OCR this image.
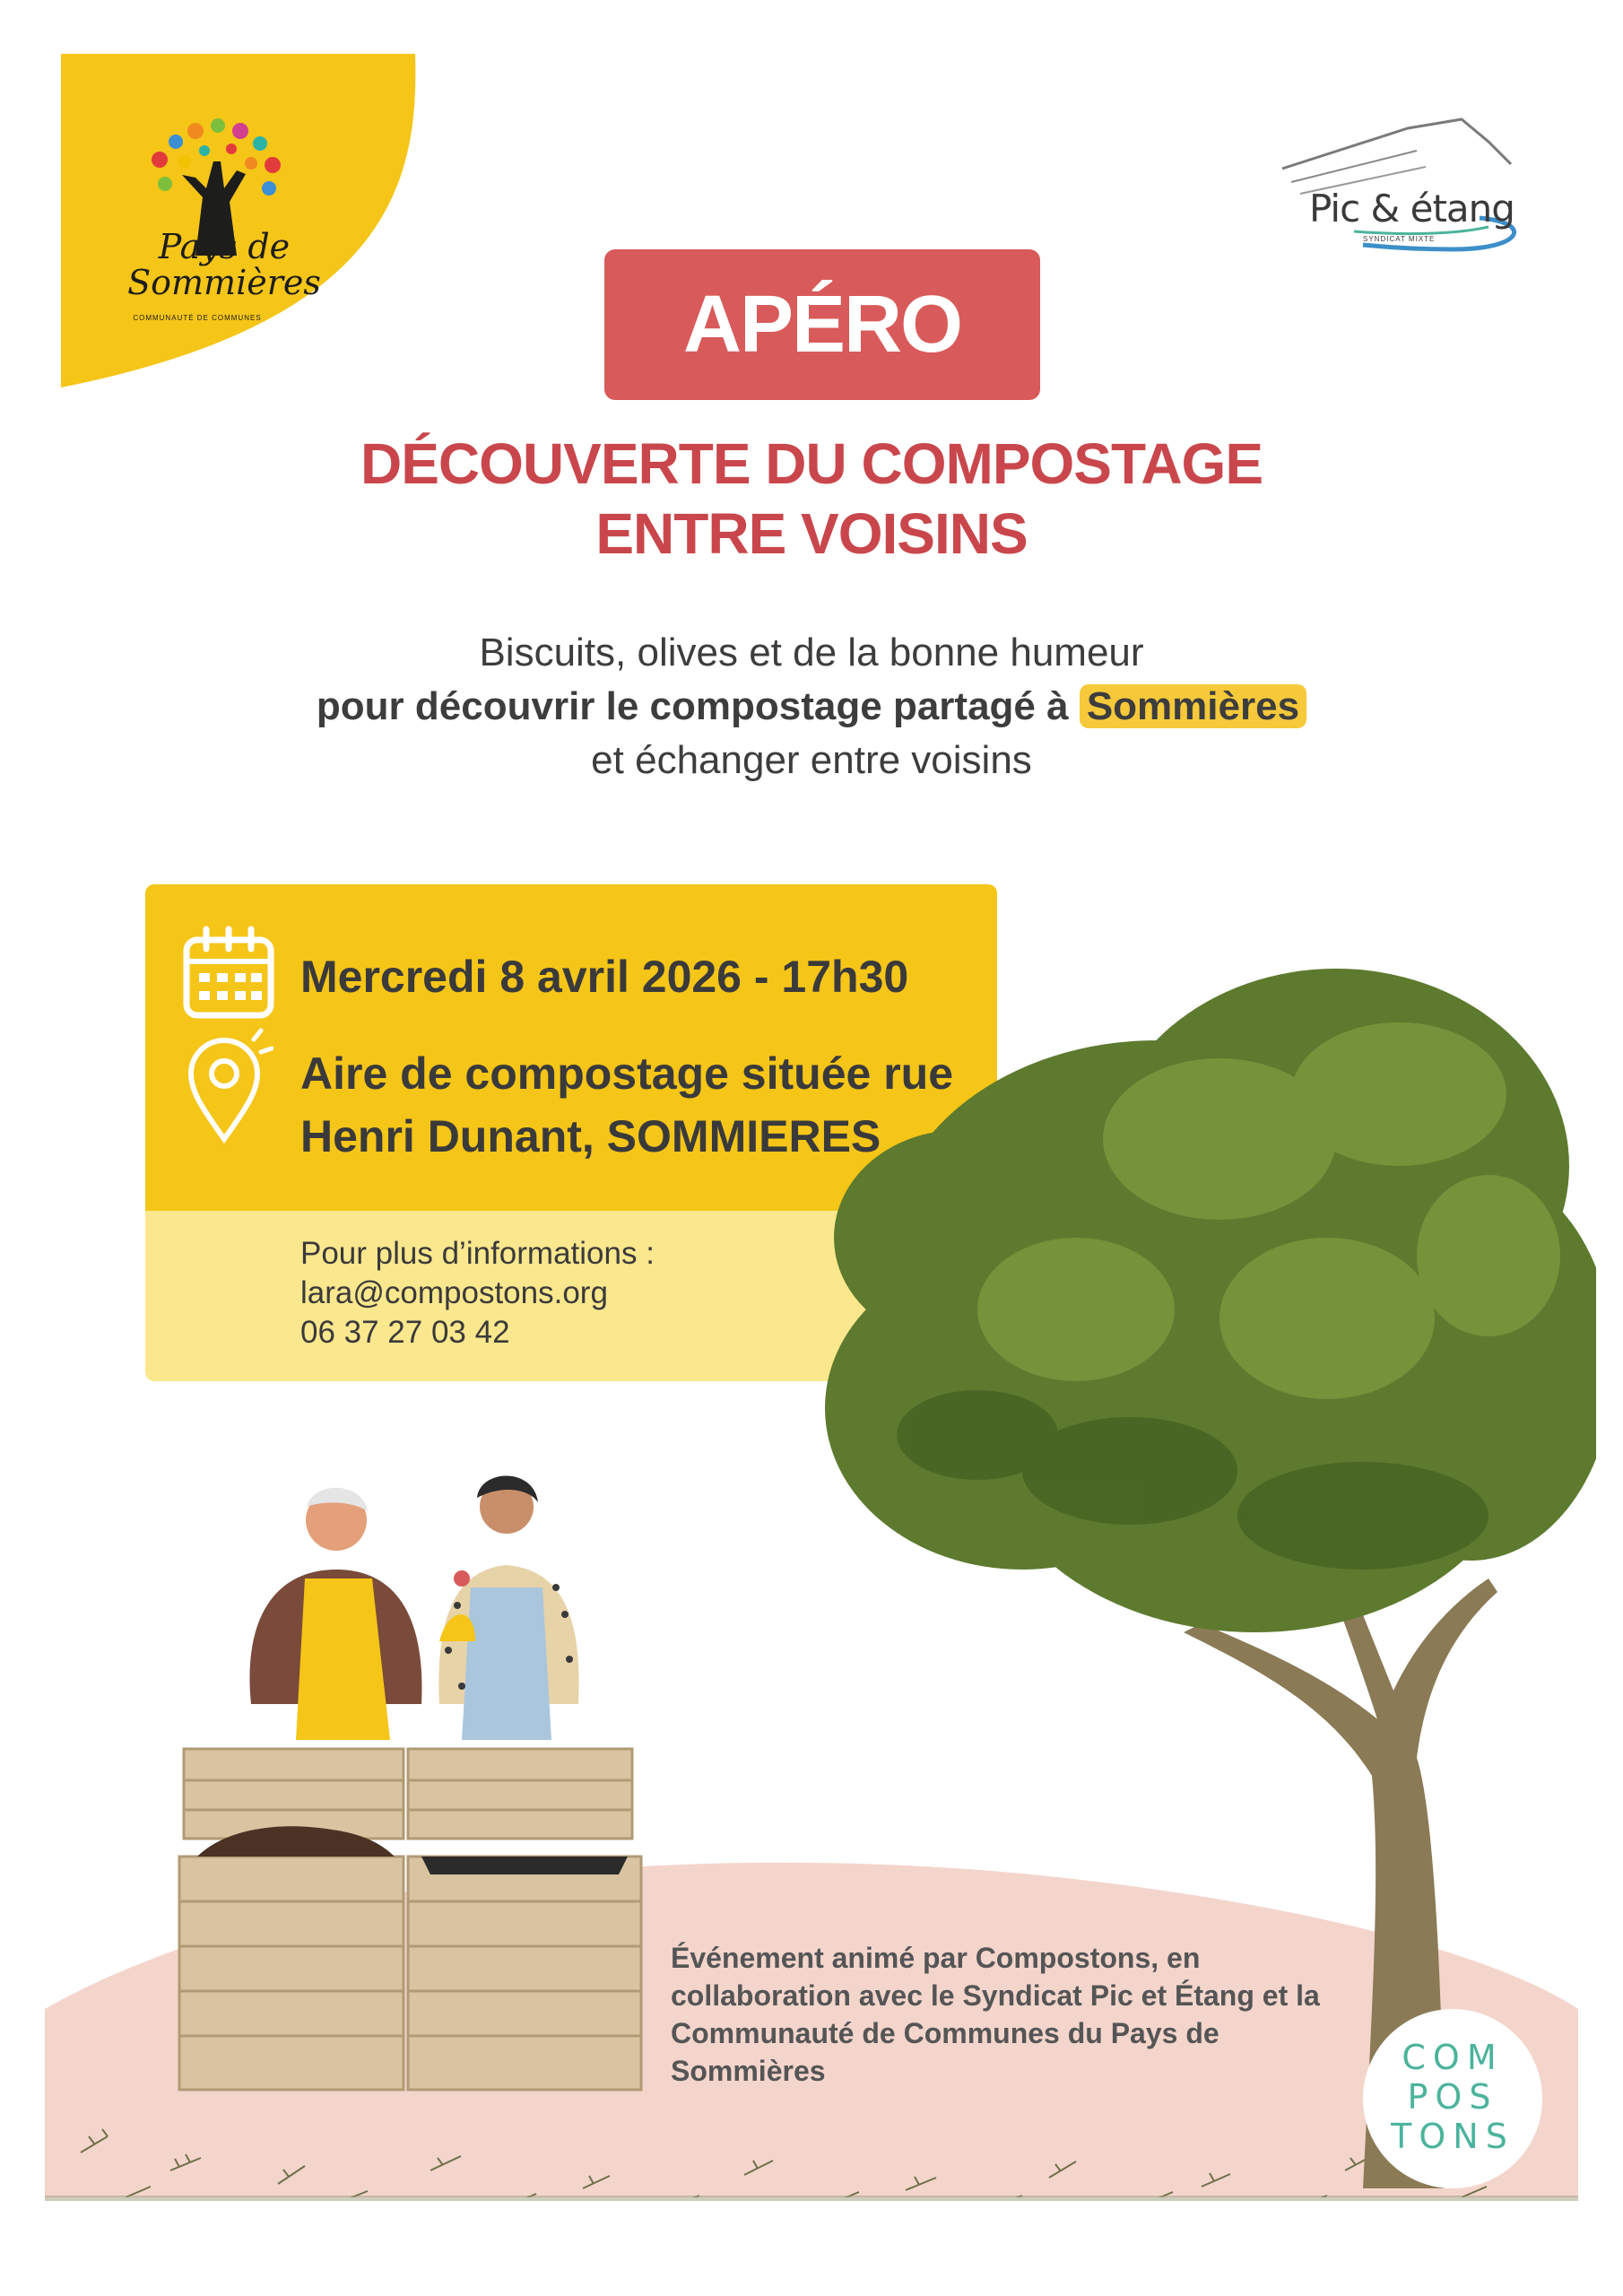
Pays de
Sommières
COMMUNAUTÉ DE COMMUNES
Pic & étang
SYNDICAT MIXTE
APÉRO
DÉCOUVERTE DU COMPOSTAGE
ENTRE VOISINS
Biscuits, olives et de la bonne humeur
pour découvrir le compostage partagé à Sommières
et échanger entre voisins
Mercredi 8 avril 2026 - 17h30
Aire de compostage située rue
Henri Dunant, SOMMIERES
Pour plus d’informations :
lara@compostons.org
06 37 27 03 42
Événement animé par Compostons, en collaboration avec le Syndicat Pic et Étang et la Communauté de Communes du Pays de Sommières	COM
POS
TONS
